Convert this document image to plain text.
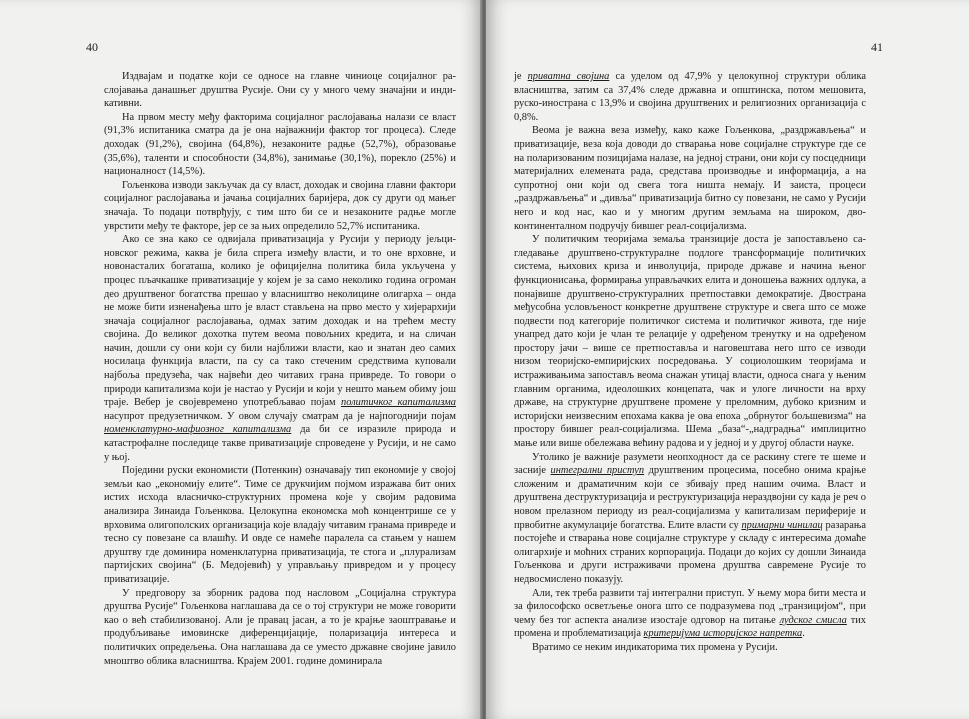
40

Издвајам и податке који се односе на главне чиниоце социјалног раслојавања данашњег друштва Русије. Они су у много чему значајни и индикативни.

На првом месту међу факторима социјалног раслојавања налази се власт (91,3% испитаника сматра да је она најважнији фактор тог процеса). Следе доходак (91,2%), својина (64,8%), незаконите радње (52,7%), образовање (35,6%), таленти и способности (34,8%), занимање (30,1%), порекло (25%) и националност (14,5%).

Гољенкова изводи закључак да су власт, доходак и својина главни фактори социјалног раслојавања и јачања социјалних баријера, док су други од мањег значаја. То подаци потврђују, с тим што би се и незаконите радње могле уврстити међу те факторе, јер се за њих определило 52,7% испитаника.

Ако се зна како се одвијала приватизација у Русији у периоду јељциновског режима, каква је била спрега између власти, и то оне врховне, и новонасталих богаташа, колико је официјелна политика била укључена у процес пљачкашке приватизације у којем је за само неколико година огроман део друштвеног богатства прешао у власништво неколицине олигарха – онда не може бити изненађења што је власт стављена на прво место у хијерархији значаја социјалног раслојавања, одмах затим доходак и на трећем месту својина. До великог дохотка путем веома повољних кредита, и на сличан начин, дошли су они који су били најближи власти, као и знатан део самих носилаца функција власти, па су са тако стеченим средствима куповали најбоља предузећа, чак највећи део читавих грана привреде. То говори о природи капитализма који је настао у Русији и који у нешто мањем обиму још траје. Вебер је својевремено употребљавао појам политичког капитализма насупрот предузетничком. У овом случају сматрам да је најпогоднији појам номенклатурно-мафиозног капитализма да би се изразиле природа и катастрофалне последице такве приватизације спроведене у Русији, и не само у њој.

Поједини руски економисти (Потенкин) означавају тип економије у својој земљи као „економију елите“. Тиме се друкчијим појмом изражава бит оних истих исхода власничко-структурних промена које у своjим радовима анализира Зинаида Гољенкова. Целокупна економска моћ концентрише се у врховима олигополских организација које владају читавим гранама привреде и тесно су повезане са влашћу. И овде се намеће паралела са стањем у нашем друштву где доминира номенклатурна приватизација, те стога и „плурализам партијских својина“ (Б. Медојевић) у управљању привредом и у процесу приватизације.

У предговору за зборник радова под насловом „Социјална структура друштва Русије“ Гољенкова наглашава да се о тој структури не може говорити као о већ стабилизованој. Али је правац јасан, а то је крајње заоштравање и продубљивање имовинске диференцијације, поларизација интереса и политичких опредељења. Она наглашава да се уместо државне својине јавило мноштво облика власништва. Крајем 2001. године доминирала

41

је приватна својина са уделом од 47,9% у целокупној структури облика власништва, затим са 37,4% следе државна и општинска, потом мешовита, руско-иностранa с 13,9% и својина друштвених и религиозних организација с 0,8%.

Веома је важна веза између, како каже Гољенкова, „раздржављења“ и приватизације, веза која доводи до стварања нове социјалне структуре где се на поларизованим позицијама налазе, на једној страни, они који су посцедници материјалних елемената рада, средстава производње и информација, а на супротној они који од свега тога ништа немају. И заиста, процеси „раздржављења“ и „дивља“ приватизација битно су повезани, не само у Русији него и код нас, као и у многим другим земљама на широком, двоконтиненталном подручју бившег реал-социјализма.

У политичким теоријама земаља транзиције доста је запостављено сагледавање друштвено-структуралне подлоге трансформације политичких система, њихових криза и инволуција, природе државе и начина њеног функционисања, формирања управљачких елита и доношења важних одлука, а понајвише друштвено-структуралних претпоставки демократије. Двострана међусобна условљеност конкретне друштвене структуре и свега што се може подвести под категорије политичког система и политичког живота, где није унапред дато који је члан те релације у одређеном тренутку и на одређеном простору јачи – више се претпоставља и наговештава него што се изводи низом теоријско-емпиријских посредовања. У социолошким теоријама и истраживањима запостављ веома снажан утицај власти, односа снага у њеним главним органима, идеолошких концепата, чак и улоге личности на врху државе, на структурне друштвене промене у преломним, дубоко кризним и историјски неизвесним епохама каква је ова епоха „обрнутог бољшевизма“ на простору бившег реал-социјализма. Шема „база“-„надградња“ имплицитно мање или више обележава већину радова и у једној и у другој области науке.

Утолико је важније разумети неопходност да се раскину стеге те шеме и засније интегрални приступ друштвеним процесима, посебно онима крајње сложеним и драматичним који се збивају пред нашим очима. Власт и друштвена деструктуризација и реструктуризација нераздвојни су када је реч о новом прелазном периоду из реал-социјализма у капитализам периферије и првобитне акумулације богатства. Елите власти су примарни чинилац разарања постојеће и стварања нове социјалне структуре у складу с интересима домаће олигархије и моћних страних корпорација. Подаци до којих су дошли Зинаида Гољенкова и други истраживачи промена друштва савремене Русије то недвосмислено показују.

Али, тек треба развити тај интегрални приступ. У њему мора бити места и за философско осветљење онога што се подразумева под „транзицијом“, при чему без тог аспекта анализе изостаје одговор на питање лудског смисла тих промена и проблематизација критеријума историјског напретка.

Вратимо се неким индикаторима тих промена у Русији.
